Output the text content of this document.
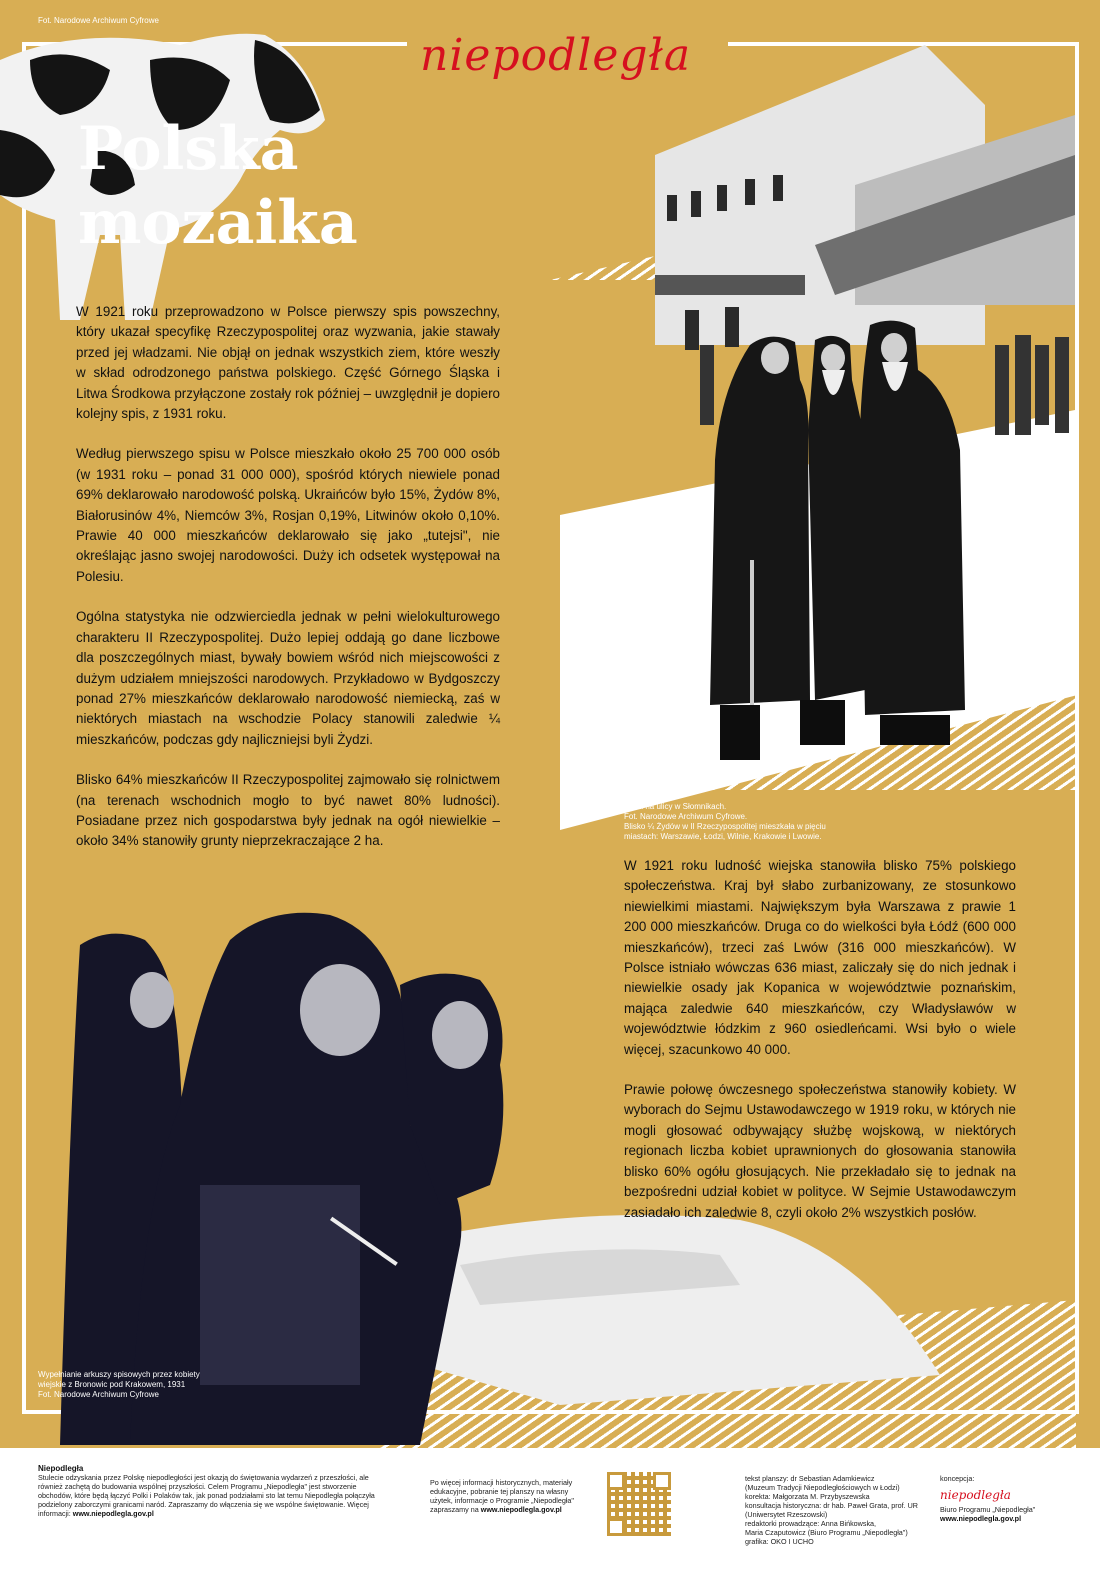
Fot. Narodowe Archiwum Cyfrowe
niepodległa
Polska
mozaika

W 1921 roku przeprowadzono w Polsce pierwszy spis powszechny, który ukazał specyfikę Rzeczypospolitej oraz wyzwania, jakie stawały przed jej władzami. Nie objął on jednak wszystkich ziem, które weszły w skład odrodzonego państwa polskiego. Część Górnego Śląska i Litwa Środkowa przyłączone zostały rok później – uwzględnił je dopiero kolejny spis, z 1931 roku.

Według pierwszego spisu w Polsce mieszkało około 25 700 000 osób (w 1931 roku – ponad 31 000 000), spośród których niewiele ponad 69% deklarowało narodowość polską. Ukraińców było 15%, Żydów 8%, Białorusinów 4%, Niemców 3%, Rosjan 0,19%, Litwinów około 0,10%. Prawie 40 000 mieszkańców deklarowało się jako „tutejsi", nie określając jasno swojej narodowości. Duży ich odsetek występował na Polesiu.

Ogólna statystyka nie odzwierciedla jednak w pełni wielokulturowego charakteru II Rzeczypospolitej. Dużo lepiej oddają go dane liczbowe dla poszczególnych miast, bywały bowiem wśród nich miejscowości z dużym udziałem mniejszości narodowych. Przykładowo w Bydgoszczy ponad 27% mieszkańców deklarowało narodowość niemiecką, zaś w niektórych miastach na wschodzie Polacy stanowili zaledwie ¼ mieszkańców, podczas gdy najliczniejsi byli Żydzi.

Blisko 64% mieszkańców II Rzeczypospolitej zajmowało się rolnictwem (na terenach wschodnich mogło to być nawet 80% ludności). Posiadane przez nich gospodarstwa były jednak na ogół niewielkie – około 34% stanowiły grunty nieprzekraczające 2 ha.

Żydzi na ulicy w Słomnikach.
Fot. Narodowe Archiwum Cyfrowe.
Blisko ¼ Żydów w II Rzeczypospolitej mieszkała w pięciu
miastach: Warszawie, Łodzi, Wilnie, Krakowie i Lwowie.

W 1921 roku ludność wiejska stanowiła blisko 75% polskiego społeczeństwa. Kraj był słabo zurbanizowany, ze stosunkowo niewielkimi miastami. Największym była Warszawa z prawie 1 200 000 mieszkańców. Druga co do wielkości była Łódź (600 000 mieszkańców), trzeci zaś Lwów (316 000 mieszkańców). W Polsce istniało wówczas 636 miast, zaliczały się do nich jednak i niewielkie osady jak Kopanica w województwie poznańskim, mająca zaledwie 640 mieszkańców, czy Władysławów w województwie łódzkim z 960 osiedleńcami. Wsi było o wiele więcej, szacunkowo 40 000.

Prawie połowę ówczesnego społeczeństwa stanowiły kobiety. W wyborach do Sejmu Ustawodawczego w 1919 roku, w których nie mogli głosować odbywający służbę wojskową, w niektórych regionach liczba kobiet uprawnionych do głosowania stanowiła blisko 60% ogółu głosujących. Nie przekładało się to jednak na bezpośredni udział kobiet w polityce. W Sejmie Ustawodawczym zasiadało ich zaledwie 8, czyli około 2% wszystkich posłów.

Wypełnianie arkuszy spisowych przez kobiety
wiejskie z Bronowic pod Krakowem, 1931
Fot. Narodowe Archiwum Cyfrowe
Niepodległa
Stulecie odzyskania przez Polskę niepodległości jest okazją do świętowania wydarzeń z przeszłości, ale również zachętą do budowania wspólnej przyszłości. Celem Programu „Niepodległa" jest stworzenie obchodów, które będą łączyć Polki i Polaków tak, jak ponad podziałami sto lat temu Niepodległa połączyła podzielony zaborczymi granicami naród. Zapraszamy do włączenia się we wspólne świętowanie. Więcej informacji: www.niepodlegla.gov.pl
Po więcej informacji historycznych, materiały edukacyjne, pobranie tej planszy na własny użytek, informacje o Programie „Niepodległa" zapraszamy na www.niepodlegla.gov.pl
tekst planszy: dr Sebastian Adamkiewicz
(Muzeum Tradycji Niepodległościowych w Łodzi)
korekta: Małgorzata M. Przybyszewska
konsultacja historyczna: dr hab. Paweł Grata, prof. UR
(Uniwersytet Rzeszowski)
redaktorki prowadzące: Anna Bińkowska,
Maria Czaputowicz (Biuro Programu „Niepodległa")
grafika: OKO I UCHO
koncepcja:
niepodległa
Biuro Programu „Niepodległa"
www.niepodlegla.gov.pl
